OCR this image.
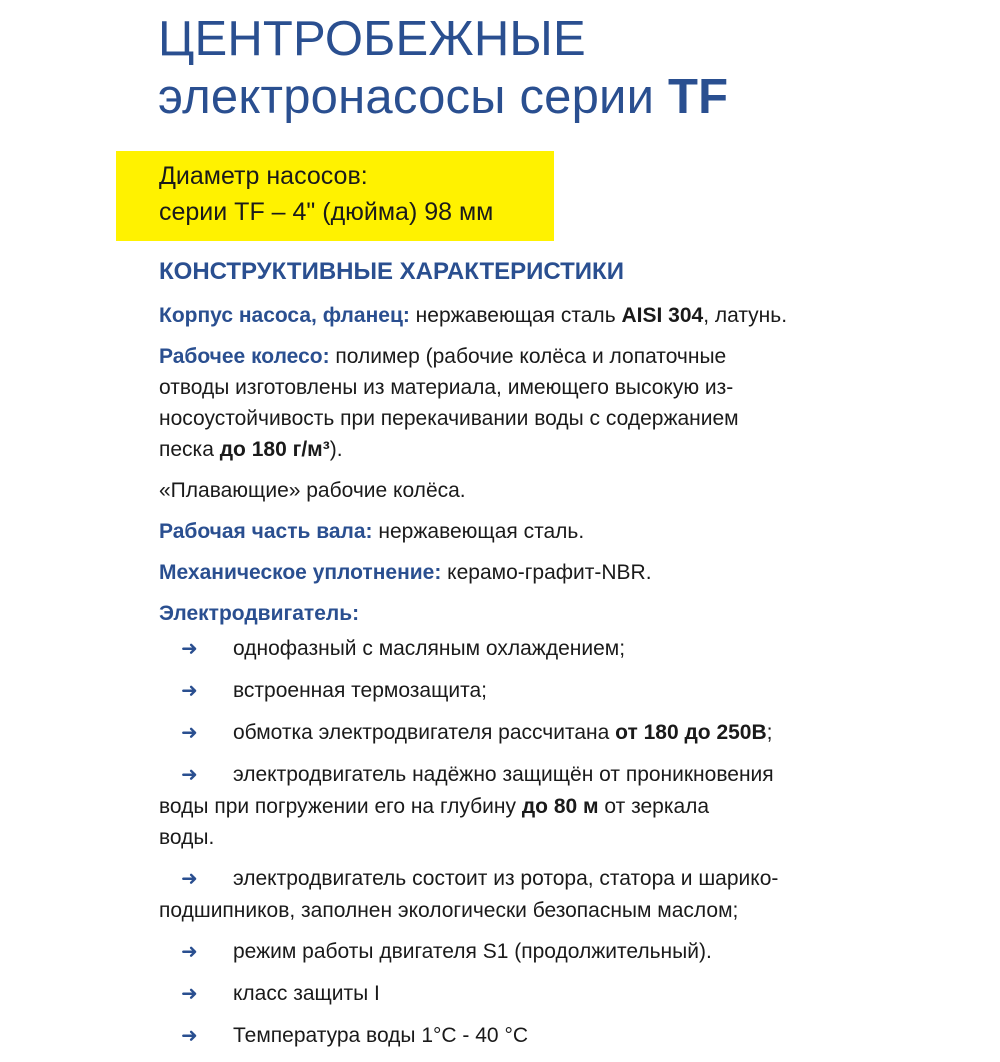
ЦЕНТРОБЕЖНЫЕ
электронасосы серии TF
Диаметр насосов:
серии TF – 4" (дюйма) 98 мм
КОНСТРУКТИВНЫЕ ХАРАКТЕРИСТИКИ

Корпус насоса, фланец: нержавеющая сталь AISI 304, латунь.

Рабочее колесо: полимер (рабочие колёса и лопаточные
отводы изготовлены из материала, имеющего высокую из-
носоустойчивость при перекачивании воды с содержанием
песка до 180 г/м³).

«Плавающие» рабочие колёса.

Рабочая часть вала: нержавеющая сталь.

Механическое уплотнение: керамо-графит-NBR.

Электродвигатель:

➜ однофазный с масляным охлаждением;
➜ встроенная термозащита;
➜ обмотка электродвигателя рассчитана от 180 до 250В;
➜ электродвигатель надёжно защищён от проникновения
воды при погружении его на глубину до 80 м от зеркала
воды.
➜ электродвигатель состоит из ротора, статора и шарико-
подшипников, заполнен экологически безопасным маслом;
➜ режим работы двигателя S1 (продолжительный).
➜ класс защиты I
➜ Температура воды 1°С - 40 °С
